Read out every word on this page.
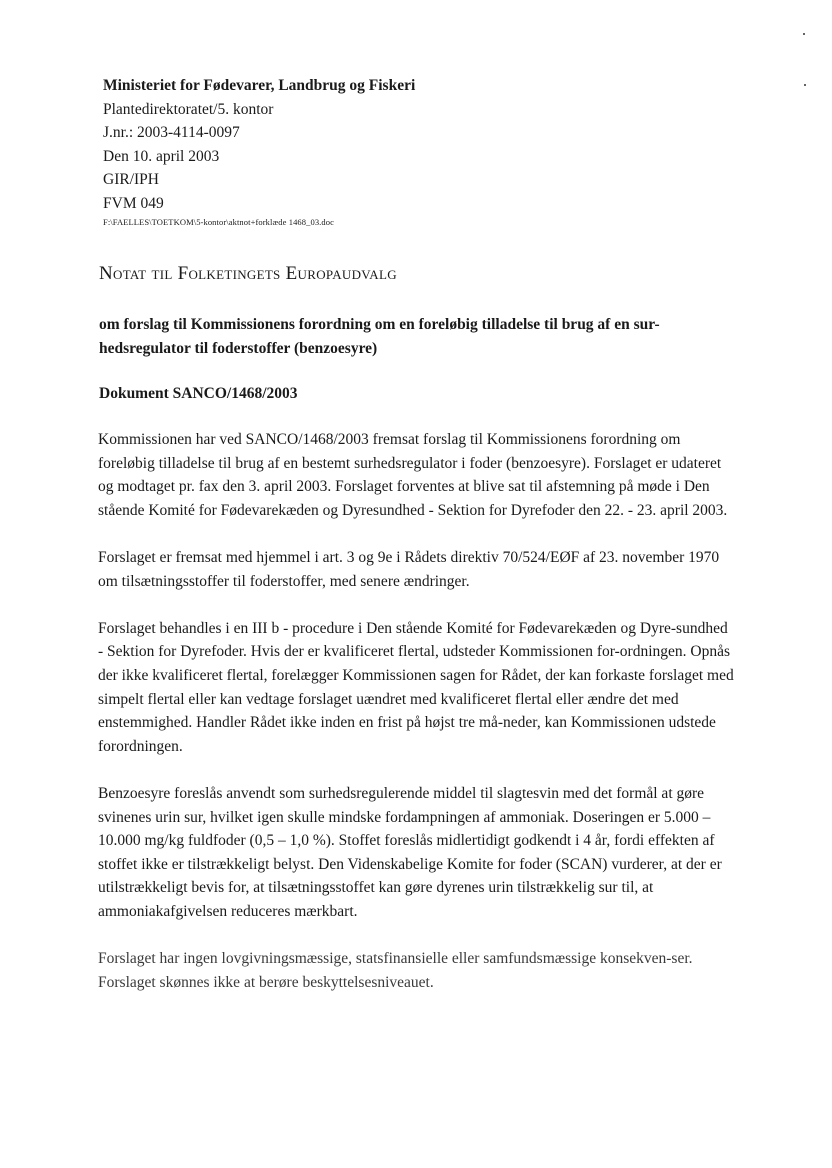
Ministeriet for Fødevarer, Landbrug og Fiskeri
Plantedirektoratet/5. kontor
J.nr.: 2003-4114-0097
Den 10. april 2003
GIR/IPH
FVM 049
F:\FAELLES\TOETKOM\5-kontor\aktnot+forklæde 1468_03.doc
Notat til Folketingets Europaudvalg
om forslag til Kommissionens forordning om en foreløbig tilladelse til brug af en sur-
hedsregulator til foderstoffer (benzoesyre)
Dokument SANCO/1468/2003

Kommissionen har ved SANCO/1468/2003 fremsat forslag til Kommissionens forordning om foreløbig tilladelse til brug af en bestemt surhedsregulator i foder (benzoesyre). Forslaget er udateret og modtaget pr. fax den 3. april 2003. Forslaget forventes at blive sat til afstemning på møde i Den stående Komité for Fødevarekæden og Dyresundhed - Sektion for Dyrefoder den 22. - 23. april 2003.

Forslaget er fremsat med hjemmel i art. 3 og 9e i Rådets direktiv 70/524/EØF af 23. november 1970 om tilsætningsstoffer til foderstoffer, med senere ændringer.

Forslaget behandles i en III b - procedure i Den stående Komité for Fødevarekæden og Dyre-sundhed - Sektion for Dyrefoder. Hvis der er kvalificeret flertal, udsteder Kommissionen for-ordningen. Opnås der ikke kvalificeret flertal, forelægger Kommissionen sagen for Rådet, der kan forkaste forslaget med simpelt flertal eller kan vedtage forslaget uændret med kvalificeret flertal eller ændre det med enstemmighed. Handler Rådet ikke inden en frist på højst tre må-neder, kan Kommissionen udstede forordningen.

Benzoesyre foreslås anvendt som surhedsregulerende middel til slagtesvin med det formål at gøre svinenes urin sur, hvilket igen skulle mindske fordampningen af ammoniak. Doseringen er 5.000 – 10.000 mg/kg fuldfoder (0,5 – 1,0 %). Stoffet foreslås midlertidigt godkendt i 4 år, fordi effekten af stoffet ikke er tilstrækkeligt belyst. Den Videnskabelige Komite for foder (SCAN) vurderer, at der er utilstrækkeligt bevis for, at tilsætningsstoffet kan gøre dyrenes urin tilstrækkelig sur til, at ammoniakafgivelsen reduceres mærkbart.

Forslaget har ingen lovgivningsmæssige, statsfinansielle eller samfundsmæssige konsekven-ser. Forslaget skønnes ikke at berøre beskyttelsesniveauet.
